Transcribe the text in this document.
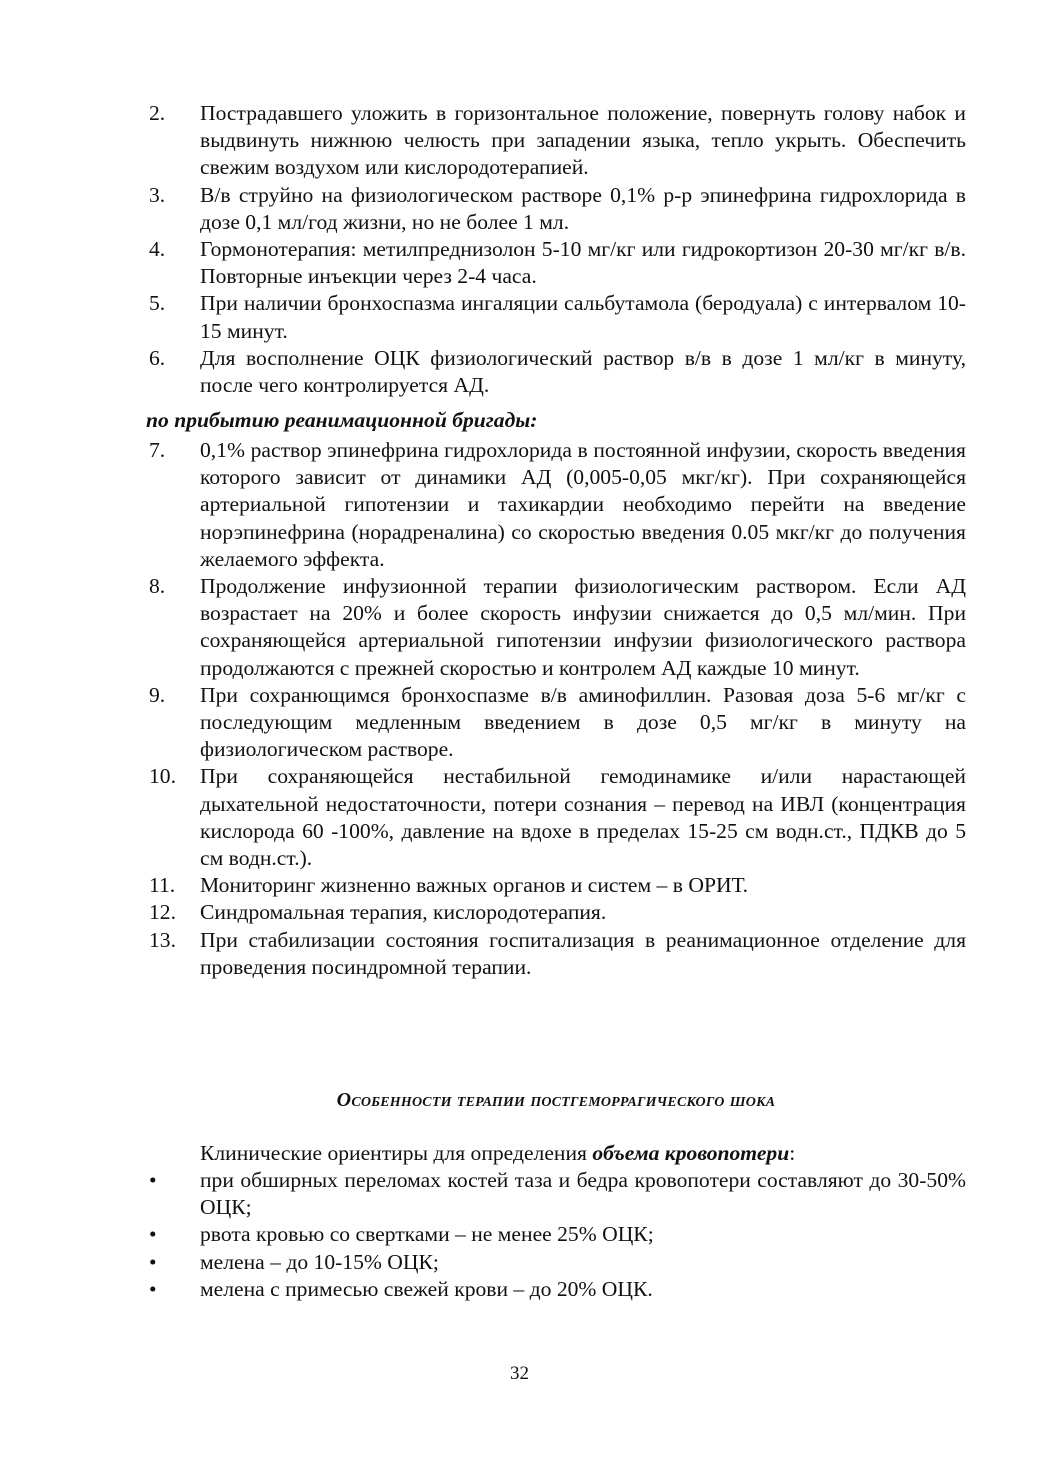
2. Пострадавшего уложить в горизонтальное положение, повернуть голову набок и выдвинуть нижнюю челюсть при западении языка, тепло укрыть. Обеспечить свежим воздухом или кислородотерапией.
3. В/в струйно на физиологическом растворе 0,1% р-р эпинефрина гидрохлорида в дозе 0,1 мл/год жизни, но не более 1 мл.
4. Гормонотерапия: метилпреднизолон 5-10 мг/кг или гидрокортизон 20-30 мг/кг в/в. Повторные инъекции через 2-4 часа.
5. При наличии бронхоспазма ингаляции сальбутамола (беродуала) с интервалом 10-15 минут.
6. Для восполнение ОЦК физиологический раствор в/в в дозе 1 мл/кг в минуту, после чего контролируется АД.
по прибытию реанимационной бригады:
7. 0,1% раствор эпинефрина гидрохлорида в постоянной инфузии, скорость введения которого зависит от динамики АД (0,005-0,05 мкг/кг). При сохраняющейся артериальной гипотензии и тахикардии необходимо перейти на введение норэпинефрина (норадреналина) со скоростью введения 0.05 мкг/кг до получения желаемого эффекта.
8. Продолжение инфузионной терапии физиологическим раствором. Если АД возрастает на 20% и более скорость инфузии снижается до 0,5 мл/мин. При сохраняющейся артериальной гипотензии инфузии физиологического раствора продолжаются с прежней скоростью и контролем АД каждые 10 минут.
9. При сохранющимся бронхоспазме в/в аминофиллин. Разовая доза 5-6 мг/кг с последующим медленным введением в дозе 0,5 мг/кг в минуту на физиологическом растворе.
10. При сохраняющейся нестабильной гемодинамике и/или нарастающей дыхательной недостаточности, потери сознания – перевод на ИВЛ (концентрация кислорода 60 -100%, давление на вдохе в пределах 15-25 см водн.ст., ПДКВ до 5 см водн.ст.).
11. Мониторинг жизненно важных органов и систем – в ОРИТ.
12. Синдромальная терапия, кислородотерапия.
13. При стабилизации состояния госпитализация в реанимационное отделение для проведения посиндромной терапии.
Особенности терапии постгеморрагического шока
Клинические ориентиры для определения объема кровопотери:
• при обширных переломах костей таза и бедра кровопотери составляют до 30-50% ОЦК;
• рвота кровью со свертками – не менее 25% ОЦК;
• мелена – до 10-15% ОЦК;
• мелена с примесью свежей крови – до 20% ОЦК.
32
